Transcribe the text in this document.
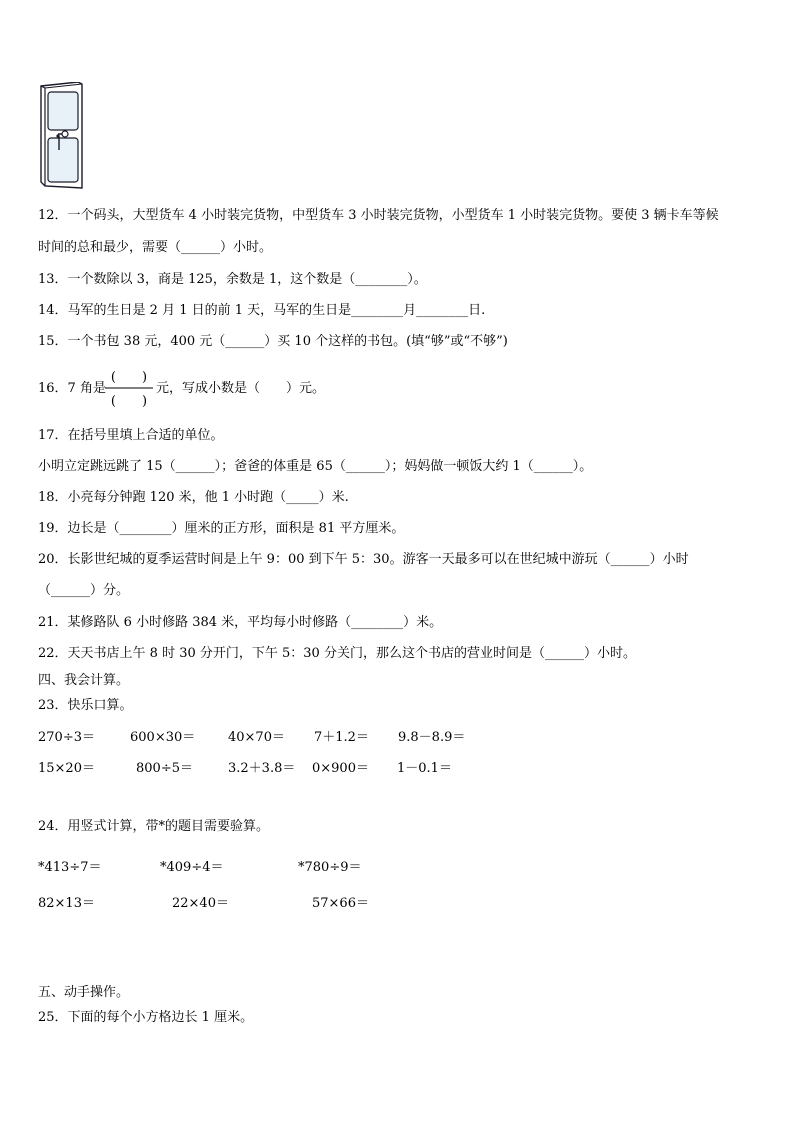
12．一个码头，大型货车 4 小时装完货物，中型货车 3 小时装完货物，小型货车 1 小时装完货物。要使 3 辆卡车等候
时间的总和最少，需要（______）小时。
13．一个数除以 3，商是 125，余数是 1，这个数是（________）。
14．马军的生日是 2 月 1 日的前 1 天，马军的生日是________月________日.
15．一个书包 38 元，400 元（______）买 10 个这样的书包。(填“够”或“不够”)
16．7 角是
(　　)
(　　)
元，写成小数是（　　）元。
17．在括号里填上合适的单位。
小明立定跳远跳了 15（______）；爸爸的体重是 65（______）；妈妈做一顿饭大约 1（______）。
18．小亮每分钟跑 120 米，他 1 小时跑（_____）米.
19．边长是（________）厘米的正方形，面积是 81 平方厘米。
20．长影世纪城的夏季运营时间是上午 9：00 到下午 5：30。游客一天最多可以在世纪城中游玩（______）小时
（______）分。
21．某修路队 6 小时修路 384 米，平均每小时修路（________）米。
22．天天书店上午 8 时 30 分开门，下午 5：30 分关门，那么这个书店的营业时间是（______）小时。
四、我会计算。
23．快乐口算。
270÷3＝	600×30＝	40×70＝ 7＋1.2＝ 9.8－8.9＝
15×20＝	800÷5＝	3.2＋3.8＝ 0×900＝ 1－0.1＝
24．用竖式计算，带*的题目需要验算。
*413÷7＝	*409÷4＝	*780÷9＝
82×13＝	22×40＝	57×66＝
五、动手操作。
25．下面的每个小方格边长 1 厘米。
